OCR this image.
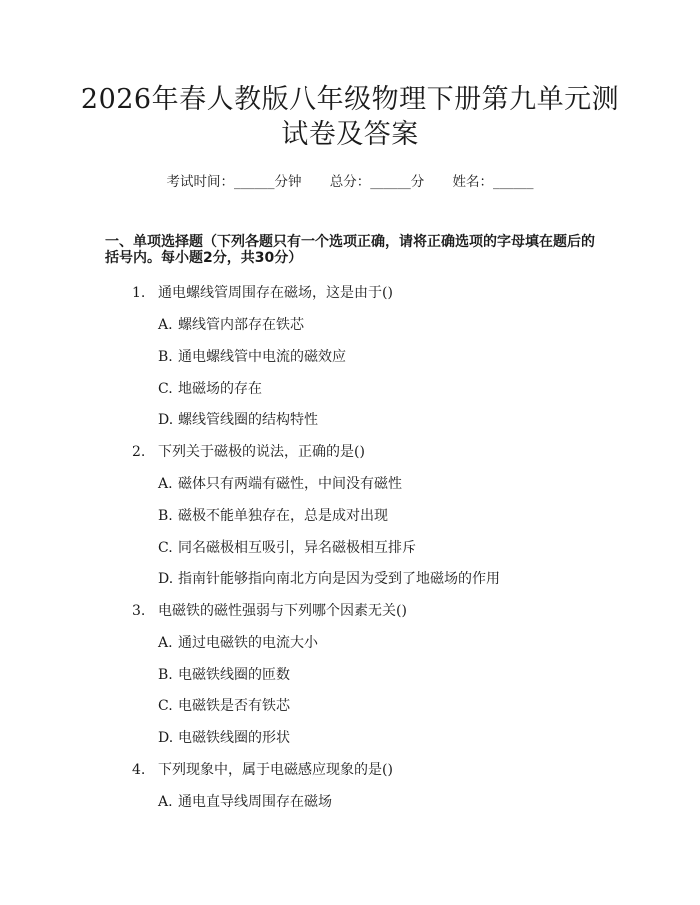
2026年春人教版八年级物理下册第九单元测
试卷及答案
考试时间：______分钟 总分：______分 姓名：______
一、单项选择题（下列各题只有一个选项正确，请将正确选项的字母填在题后的
括号内。每小题2分，共30分）
1. 通电螺线管周围存在磁场，这是由于()
A. 螺线管内部存在铁芯
B. 通电螺线管中电流的磁效应
C. 地磁场的存在
D. 螺线管线圈的结构特性
2. 下列关于磁极的说法，正确的是()
A. 磁体只有两端有磁性，中间没有磁性
B. 磁极不能单独存在，总是成对出现
C. 同名磁极相互吸引，异名磁极相互排斥
D. 指南针能够指向南北方向是因为受到了地磁场的作用
3. 电磁铁的磁性强弱与下列哪个因素无关()
A. 通过电磁铁的电流大小
B. 电磁铁线圈的匝数
C. 电磁铁是否有铁芯
D. 电磁铁线圈的形状
4. 下列现象中，属于电磁感应现象的是()
A. 通电直导线周围存在磁场
